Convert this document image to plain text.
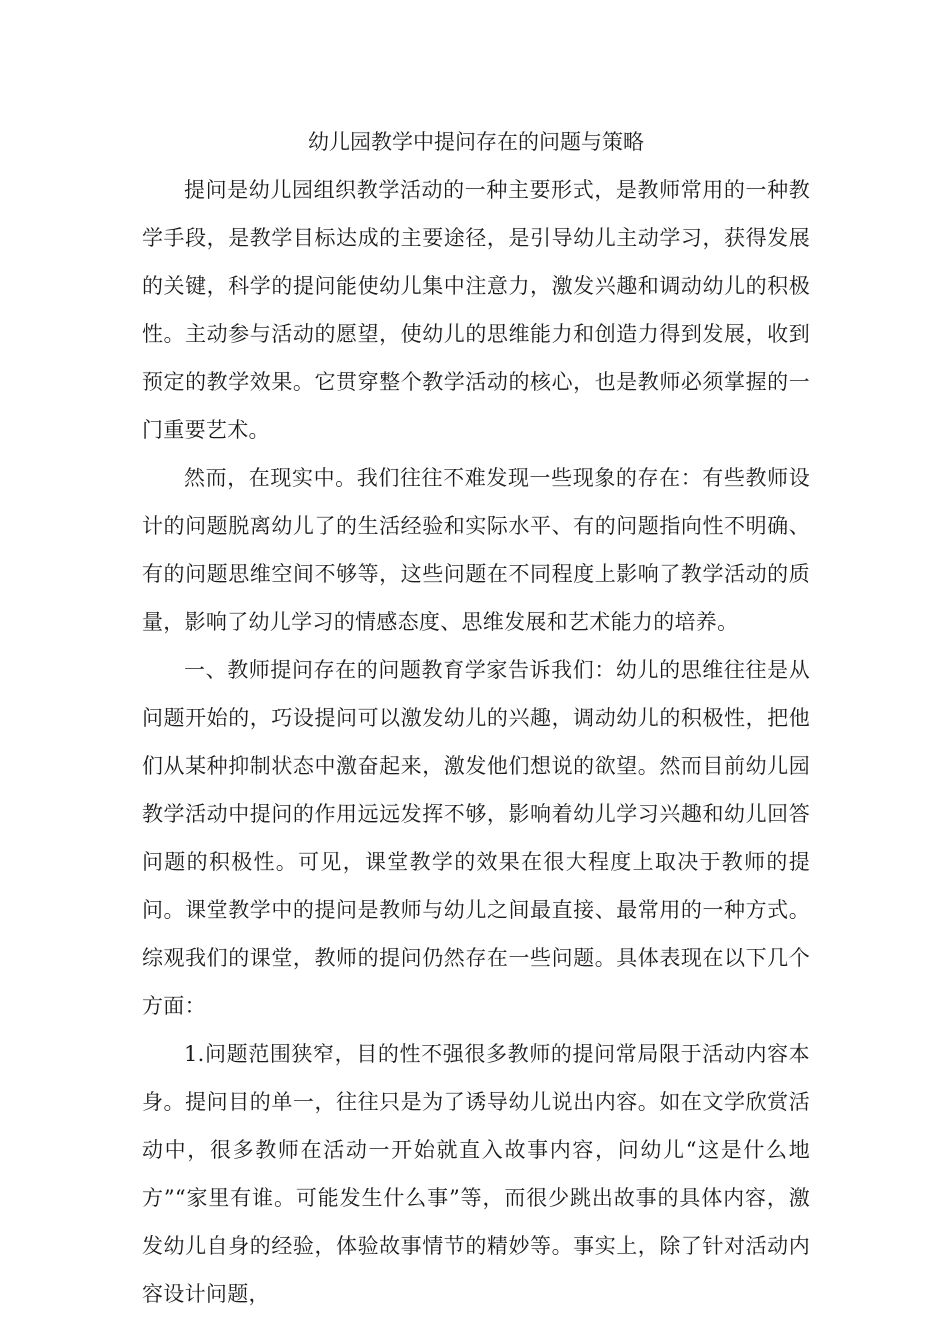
幼儿园教学中提问存在的问题与策略

提问是幼儿园组织教学活动的一种主要形式，是教师常用的一种教学手段，是教学目标达成的主要途径，是引导幼儿主动学习，获得发展的关键，科学的提问能使幼儿集中注意力，激发兴趣和调动幼儿的积极性。主动参与活动的愿望，使幼儿的思维能力和创造力得到发展，收到预定的教学效果。它贯穿整个教学活动的核心，也是教师必须掌握的一门重要艺术。

然而，在现实中。我们往往不难发现一些现象的存在：有些教师设计的问题脱离幼儿了的生活经验和实际水平、有的问题指向性不明确、有的问题思维空间不够等，这些问题在不同程度上影响了教学活动的质量，影响了幼儿学习的情感态度、思维发展和艺术能力的培养。

一、教师提问存在的问题教育学家告诉我们：幼儿的思维往往是从问题开始的，巧设提问可以激发幼儿的兴趣，调动幼儿的积极性，把他们从某种抑制状态中激奋起来，激发他们想说的欲望。然而目前幼儿园教学活动中提问的作用远远发挥不够，影响着幼儿学习兴趣和幼儿回答问题的积极性。可见，课堂教学的效果在很大程度上取决于教师的提问。课堂教学中的提问是教师与幼儿之间最直接、最常用的一种方式。综观我们的课堂，教师的提问仍然存在一些问题。具体表现在以下几个方面：

1.问题范围狭窄，目的性不强很多教师的提问常局限于活动内容本身。提问目的单一，往往只是为了诱导幼儿说出内容。如在文学欣赏活动中，很多教师在活动一开始就直入故事内容，问幼儿“这是什么地方”“家里有谁。可能发生什么事”等，而很少跳出故事的具体内容，激发幼儿自身的经验，体验故事情节的精妙等。事实上，除了针对活动内容设计问题，
